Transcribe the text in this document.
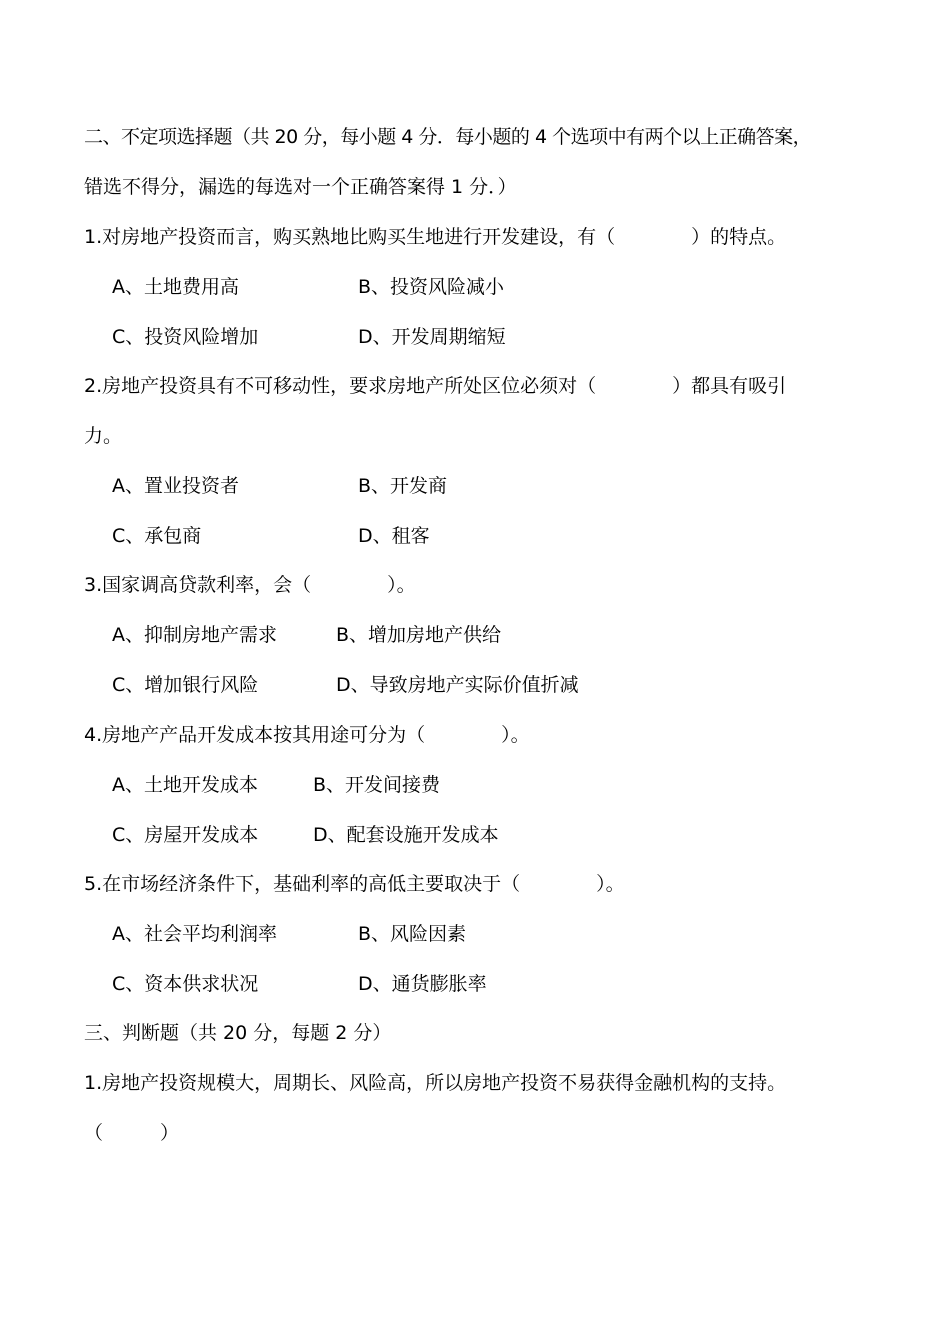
二、不定项选择题（共 20 分，每小题 4 分．每小题的 4 个选项中有两个以上正确答案，
错选不得分，漏选的每选对一个正确答案得 1 分．）
1.对房地产投资而言，购买熟地比购买生地进行开发建设，有（　　　　）的特点。
A、土地费用高	B、投资风险减小
C、投资风险增加	D、开发周期缩短
2.房地产投资具有不可移动性，要求房地产所处区位必须对（　　　　）都具有吸引
力。
A、置业投资者	B、开发商
C、承包商	D、租客
3.国家调高贷款利率，会（　　　　）。
A、抑制房地产需求	B、增加房地产供给
C、增加银行风险	D、导致房地产实际价值折减
4.房地产产品开发成本按其用途可分为（　　　　）。
A、土地开发成本	B、开发间接费
C、房屋开发成本	D、配套设施开发成本
5.在市场经济条件下，基础利率的高低主要取决于（　　　　）。
A、社会平均利润率	B、风险因素
C、资本供求状况	D、通货膨胀率
三、判断题（共 20 分，每题 2 分）
1.房地产投资规模大，周期长、风险高，所以房地产投资不易获得金融机构的支持。
（　　　）
